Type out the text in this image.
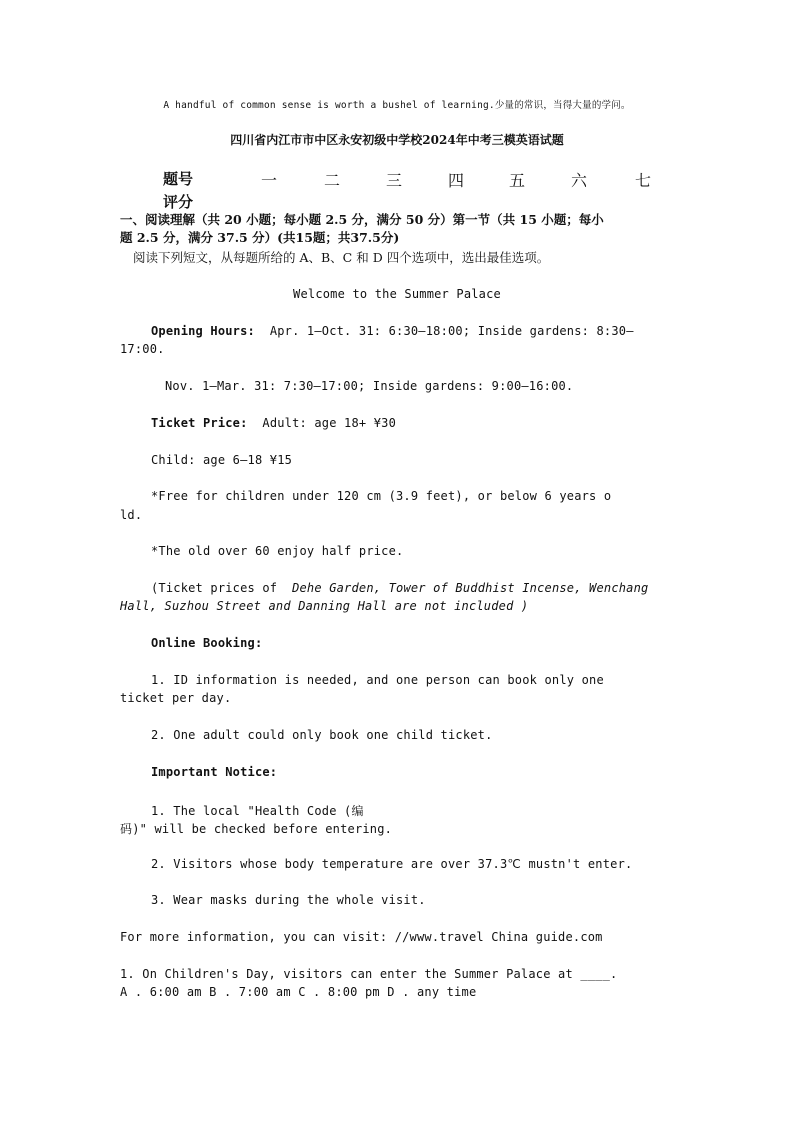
A handful of common sense is worth a bushel of learning.少量的常识，当得大量的学问。
四川省内江市市中区永安初级中学校2024年中考三模英语试题
题号	一	二	三	四	五	六	七
评分
一、阅读理解（共 20 小题；每小题 2.5 分，满分 50 分）第一节（共 15 小题；每小
题 2.5 分，满分 37.5 分）(共15题；共37.5分)
阅读下列短文，从每题所给的 A、B、C 和 D 四个选项中，选出最佳选项。
Welcome to the Summer Palace
Opening Hours: Apr. 1—Oct. 31: 6:30—18:00; Inside gardens: 8:30—
17:00.
Nov. 1—Mar. 31: 7:30—17:00; Inside gardens: 9:00—16:00.
Ticket Price: Adult: age 18+ ¥30
Child: age 6—18 ¥15
*Free for children under 120 cm (3.9 feet), or below 6 years o
ld.
*The old over 60 enjoy half price.
(Ticket prices of Dehe Garden, Tower of Buddhist Incense, Wenchang
Hall, Suzhou Street and Danning Hall are not included )
Online Booking:
1. ID information is needed, and one person can book only one
ticket per day.
2. One adult could only book one child ticket.
Important Notice:
1. The local "Health Code (编
码)" will be checked before entering.
2. Visitors whose body temperature are over 37.3℃ mustn't enter.
3. Wear masks during the whole visit.
For more information, you can visit: //www.travel China guide.com
1. On Children's Day, visitors can enter the Summer Palace at ____.
A . 6:00 am B . 7:00 am C . 8:00 pm D . any time
